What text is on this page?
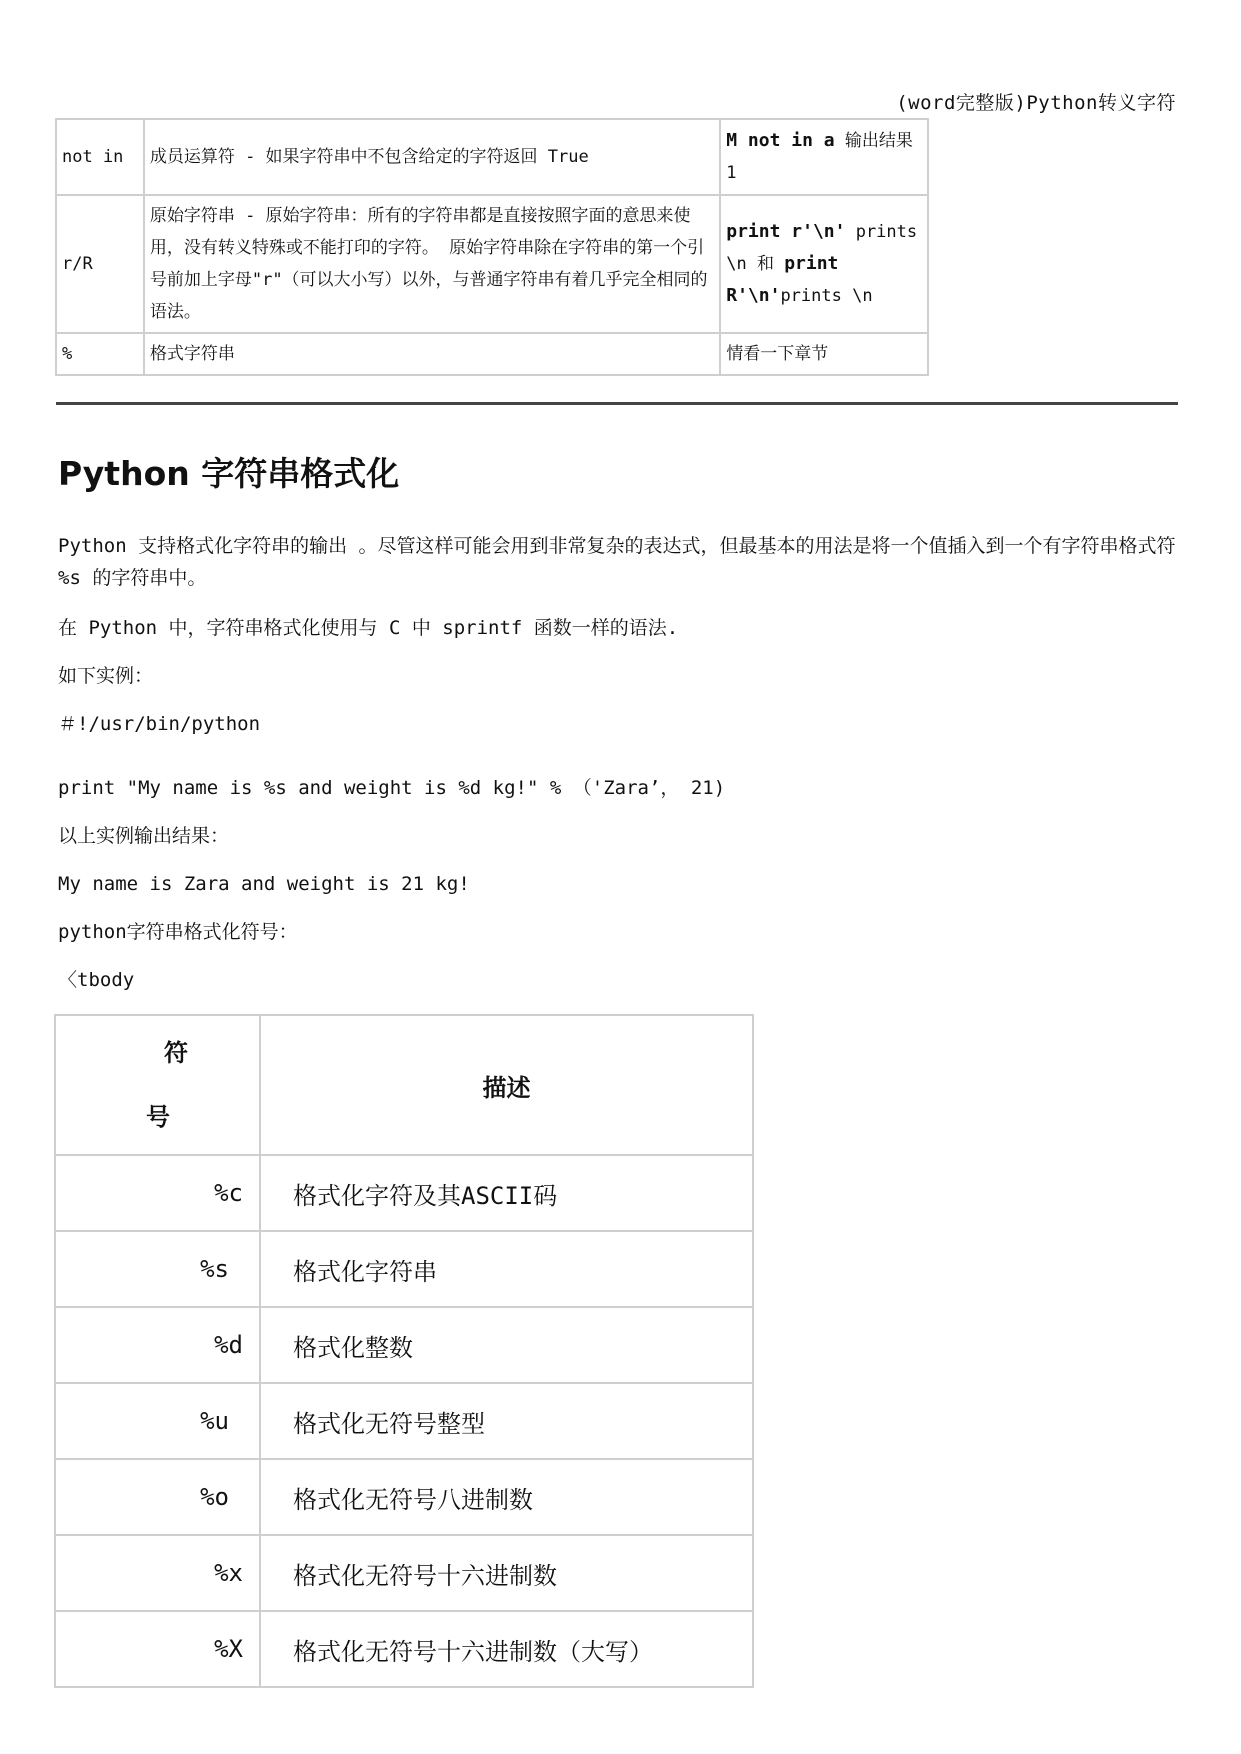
(word完整版)Python转义字符
not in	成员运算符 - 如果字符串中不包含给定的字符返回 True	M not in a 输出结果 1
r/R	原始字符串 - 原始字符串：所有的字符串都是直接按照字面的意思来使用，没有转义特殊或不能打印的字符。 原始字符串除在字符串的第一个引号前加上字母"r"（可以大小写）以外，与普通字符串有着几乎完全相同的语法。	print r'\n' prints \n 和 print R'\n'prints \n
%	格式字符串	情看一下章节
Python 字符串格式化

Python 支持格式化字符串的输出 。尽管这样可能会用到非常复杂的表达式，但最基本的用法是将一个值插入到一个有字符串格式符 %s 的字符串中。

在 Python 中，字符串格式化使用与 C 中 sprintf 函数一样的语法.

如下实例：

＃!/usr/bin/python

print "My name is %s and weight is %d kg!" % （'Zara’， 21)

以上实例输出结果：

My name is Zara and weight is 21 kg!

python字符串格式化符号：

〈tbody

符
号	描述
%c	格式化字符及其ASCII码
%s	格式化字符串
%d	格式化整数
%u	格式化无符号整型
%o	格式化无符号八进制数
%x	格式化无符号十六进制数
%X	格式化无符号十六进制数（大写）
